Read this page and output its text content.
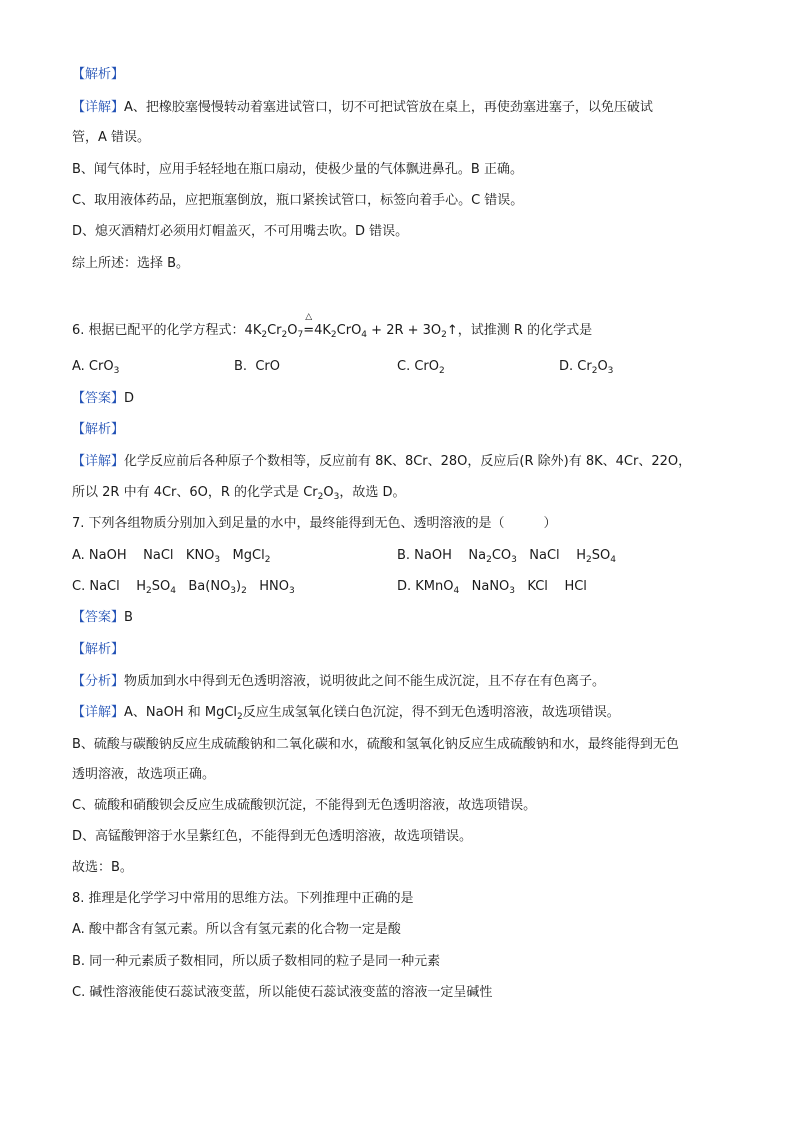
【解析】
【详解】A、把橡胶塞慢慢转动着塞进试管口，切不可把试管放在桌上，再使劲塞进塞子，以免压破试
管，A 错误。
B、闻气体时，应用手轻轻地在瓶口扇动，使极少量的气体飘进鼻孔。B 正确。
C、取用液体药品，应把瓶塞倒放，瓶口紧挨试管口，标签向着手心。C 错误。
D、熄灭酒精灯必须用灯帽盖灭，不可用嘴去吹。D 错误。
综上所述：选择 B。
6. 根据已配平的化学方程式：$4K_2Cr_2O_7$
△
$=4K_2CrO_4 + 2R$ + $3O_2↑$，试推测 R 的化学式是
A. CrO$_3$	B.  CrO	C. CrO$_2$	D. $Cr_2O_3$
【答案】D
【解析】
【详解】化学反应前后各种原子个数相等，反应前有 8K、8Cr、28O，反应后(R 除外)有 8K、4Cr、22O，
所以 2R 中有 4Cr、6O，R 的化学式是 $Cr_2O_3$，故选 D。
7. 下列各组物质分别加入到足量的水中，最终能得到无色、透明溶液的是（　　　）
A. NaOH    NaCl   $KNO_3$   MgCl$_2$	B. NaOH    $Na_2CO_3$   NaCl    $H_2SO_4$
C. NaCl    $H_2SO_4$   $Ba(NO_3)_2$   $HNO_3$	D. KMnO$_4$   NaNO$_3$   KCl    HCl
【答案】B
【解析】
【分析】物质加到水中得到无色透明溶液，说明彼此之间不能生成沉淀，且不存在有色离子。
【详解】A、NaOH 和 MgCl$_2$反应生成氢氧化镁白色沉淀，得不到无色透明溶液，故选项错误。
B、硫酸与碳酸钠反应生成硫酸钠和二氧化碳和水，硫酸和氢氧化钠反应生成硫酸钠和水，最终能得到无色
透明溶液，故选项正确。
C、硫酸和硝酸钡会反应生成硫酸钡沉淀，不能得到无色透明溶液，故选项错误。
D、高锰酸钾溶于水呈紫红色，不能得到无色透明溶液，故选项错误。
故选：B。
8. 推理是化学学习中常用的思维方法。下列推理中正确的是
A. 酸中都含有氢元素。所以含有氢元素的化合物一定是酸
B. 同一种元素质子数相同，所以质子数相同的粒子是同一种元素
C. 碱性溶液能使石蕊试液变蓝，所以能使石蕊试液变蓝的溶液一定呈碱性
